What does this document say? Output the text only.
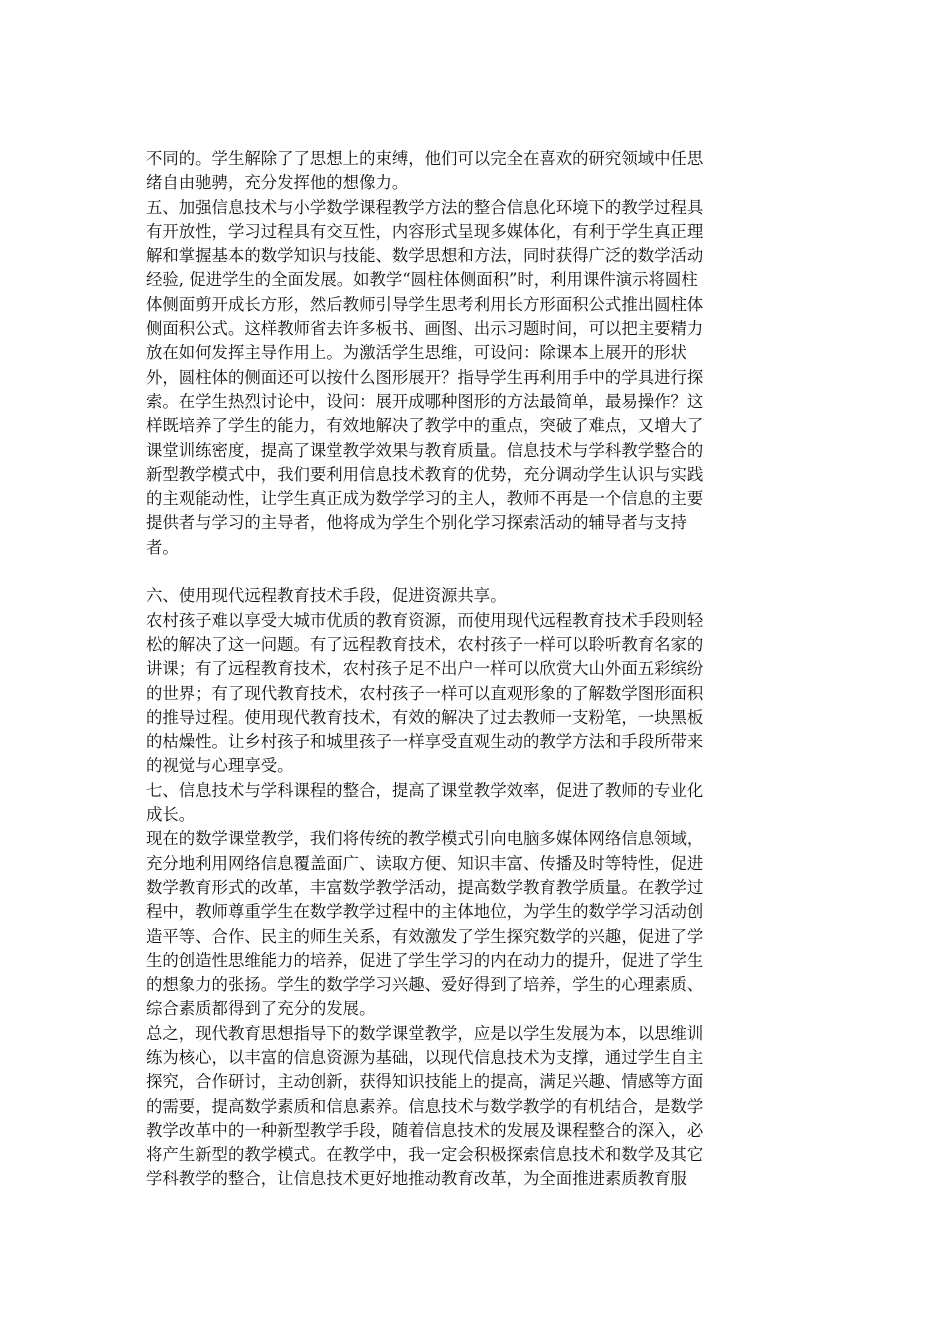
不同的。学生解除了了思想上的束缚，他们可以完全在喜欢的研究领域中任思
绪自由驰骋，充分发挥他的想像力。
五、加强信息技术与小学数学课程教学方法的整合信息化环境下的教学过程具
有开放性，学习过程具有交互性，内容形式呈现多媒体化，有利于学生真正理
解和掌握基本的数学知识与技能、数学思想和方法，同时获得广泛的数学活动
经验, 促进学生的全面发展。如教学“圆柱体侧面积”时，利用课件演示将圆柱
体侧面剪开成长方形，然后教师引导学生思考利用长方形面积公式推出圆柱体
侧面积公式。这样教师省去许多板书、画图、出示习题时间，可以把主要精力
放在如何发挥主导作用上。为激活学生思维，可设问：除课本上展开的形状
外，圆柱体的侧面还可以按什么图形展开？指导学生再利用手中的学具进行探
索。在学生热烈讨论中，设问：展开成哪种图形的方法最简单，最易操作？这
样既培养了学生的能力，有效地解决了教学中的重点，突破了难点，又增大了
课堂训练密度，提高了课堂教学效果与教育质量。信息技术与学科教学整合的
新型教学模式中，我们要利用信息技术教育的优势，充分调动学生认识与实践
的主观能动性，让学生真正成为数学学习的主人，教师不再是一个信息的主要
提供者与学习的主导者，他将成为学生个别化学习探索活动的辅导者与支持
者。
六、使用现代远程教育技术手段，促进资源共享。
农村孩子难以享受大城市优质的教育资源，而使用现代远程教育技术手段则轻
松的解决了这一问题。有了远程教育技术，农村孩子一样可以聆听教育名家的
讲课；有了远程教育技术，农村孩子足不出户一样可以欣赏大山外面五彩缤纷
的世界；有了现代教育技术，农村孩子一样可以直观形象的了解数学图形面积
的推导过程。使用现代教育技术，有效的解决了过去教师一支粉笔，一块黑板
的枯燥性。让乡村孩子和城里孩子一样享受直观生动的教学方法和手段所带来
的视觉与心理享受。
七、信息技术与学科课程的整合，提高了课堂教学效率，促进了教师的专业化
成长。
现在的数学课堂教学，我们将传统的教学模式引向电脑多媒体网络信息领域，
充分地利用网络信息覆盖面广、读取方便、知识丰富、传播及时等特性，促进
数学教育形式的改革，丰富数学教学活动，提高数学教育教学质量。在教学过
程中，教师尊重学生在数学教学过程中的主体地位，为学生的数学学习活动创
造平等、合作、民主的师生关系，有效激发了学生探究数学的兴趣，促进了学
生的创造性思维能力的培养，促进了学生学习的内在动力的提升，促进了学生
的想象力的张扬。学生的数学学习兴趣、爱好得到了培养，学生的心理素质、
综合素质都得到了充分的发展。
总之，现代教育思想指导下的数学课堂教学，应是以学生发展为本，以思维训
练为核心，以丰富的信息资源为基础，以现代信息技术为支撑，通过学生自主
探究，合作研讨，主动创新，获得知识技能上的提高，满足兴趣、情感等方面
的需要，提高数学素质和信息素养。信息技术与数学教学的有机结合，是数学
教学改革中的一种新型教学手段，随着信息技术的发展及课程整合的深入，必
将产生新型的教学模式。在教学中，我一定会积极探索信息技术和数学及其它
学科教学的整合，让信息技术更好地推动教育改革，为全面推进素质教育服
